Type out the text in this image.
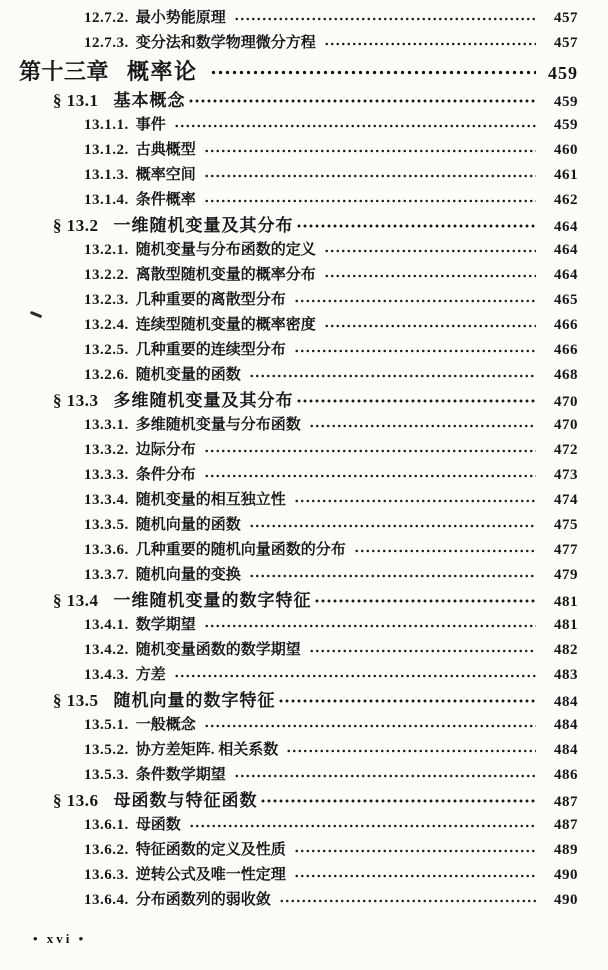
12.7.2. 最小势能原理	457
12.7.3. 变分法和数学物理微分方程	457
第十三章 概率论	459
§ 13.1 基本概念	459
13.1.1. 事件	459
13.1.2. 古典概型	460
13.1.3. 概率空间	461
13.1.4. 条件概率	462
§ 13.2 一维随机变量及其分布	464
13.2.1. 随机变量与分布函数的定义	464
13.2.2. 离散型随机变量的概率分布	464
13.2.3. 几种重要的离散型分布	465
13.2.4. 连续型随机变量的概率密度	466
13.2.5. 几种重要的连续型分布	466
13.2.6. 随机变量的函数	468
§ 13.3 多维随机变量及其分布	470
13.3.1. 多维随机变量与分布函数	470
13.3.2. 边际分布	472
13.3.3. 条件分布	473
13.3.4. 随机变量的相互独立性	474
13.3.5. 随机向量的函数	475
13.3.6. 几种重要的随机向量函数的分布	477
13.3.7. 随机向量的变换	479
§ 13.4 一维随机变量的数字特征	481
13.4.1. 数学期望	481
13.4.2. 随机变量函数的数学期望	482
13.4.3. 方差	483
§ 13.5 随机向量的数字特征	484
13.5.1. 一般概念	484
13.5.2. 协方差矩阵. 相关系数	484
13.5.3. 条件数学期望	486
§ 13.6 母函数与特征函数	487
13.6.1. 母函数	487
13.6.2. 特征函数的定义及性质	489
13.6.3. 逆转公式及唯一性定理	490
13.6.4. 分布函数列的弱收敛	490
• xvi •
